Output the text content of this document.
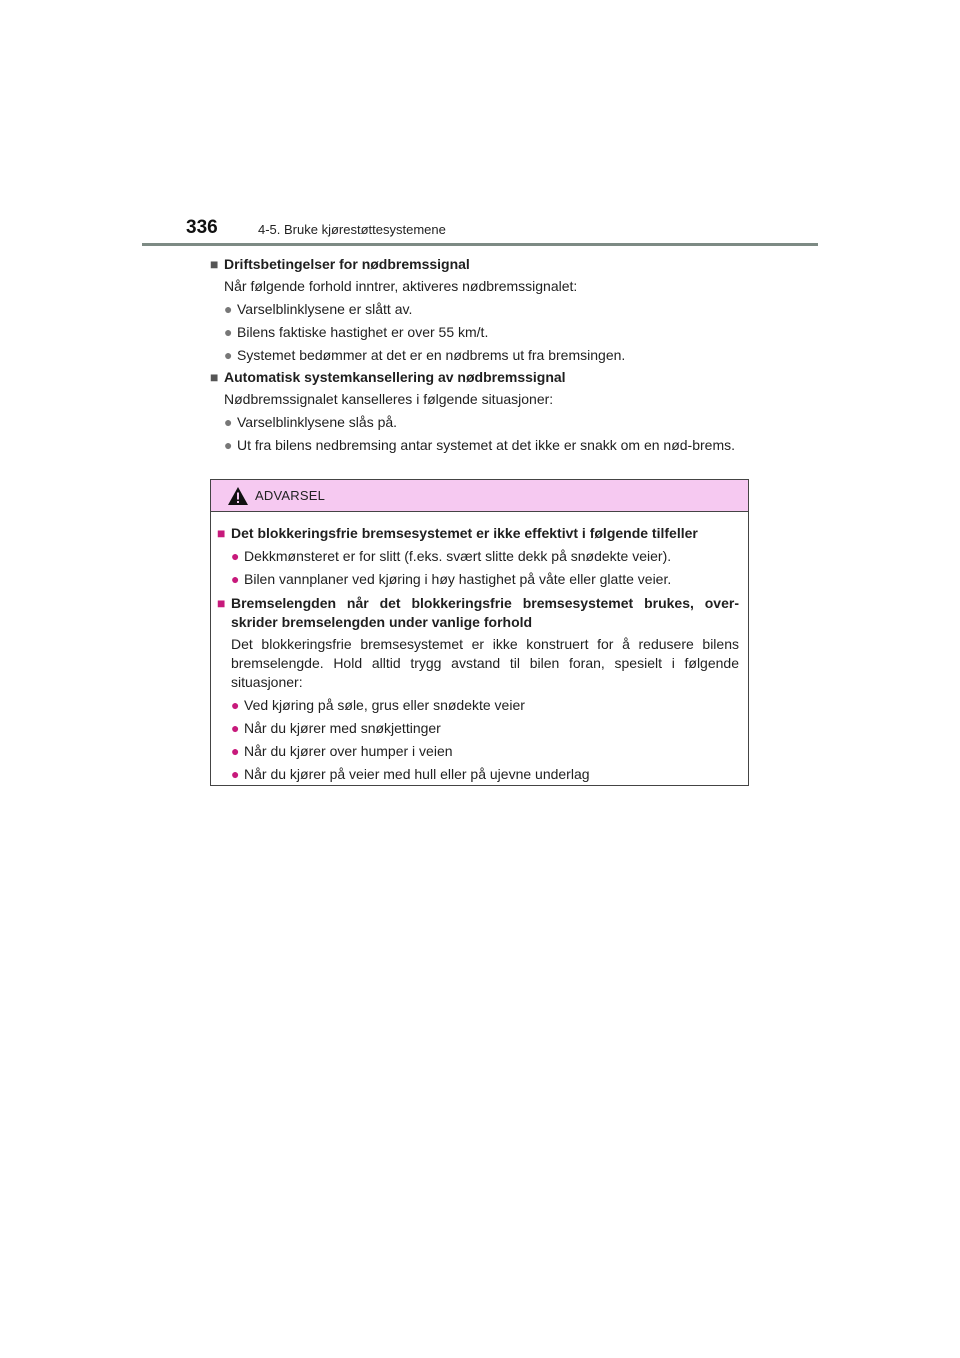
336	4-5. Bruke kjørestøttesystemene
■ Driftsbetingelser for nødbremssignal
Når følgende forhold inntrer, aktiveres nødbremssignalet:
● Varselblinklysene er slått av.
● Bilens faktiske hastighet er over 55 km/t.
● Systemet bedømmer at det er en nødbrems ut fra bremsingen.
■ Automatisk systemkansellering av nødbremssignal
Nødbremssignalet kanselleres i følgende situasjoner:
● Varselblinklysene slås på.
● Ut fra bilens nedbremsing antar systemet at det ikke er snakk om en nød-brems.
ADVARSEL
■ Det blokkeringsfrie bremsesystemet er ikke effektivt i følgende tilfeller
● Dekkmønsteret er for slitt (f.eks. svært slitte dekk på snødekte veier).
● Bilen vannplaner ved kjøring i høy hastighet på våte eller glatte veier.
■ Bremselengden når det blokkeringsfrie bremsesystemet brukes, over-skrider bremselengden under vanlige forhold
Det blokkeringsfrie bremsesystemet er ikke konstruert for å redusere bilens bremselengde. Hold alltid trygg avstand til bilen foran, spesielt i følgende situasjoner:
● Ved kjøring på søle, grus eller snødekte veier
● Når du kjører med snøkjettinger
● Når du kjører over humper i veien
● Når du kjører på veier med hull eller på ujevne underlag
